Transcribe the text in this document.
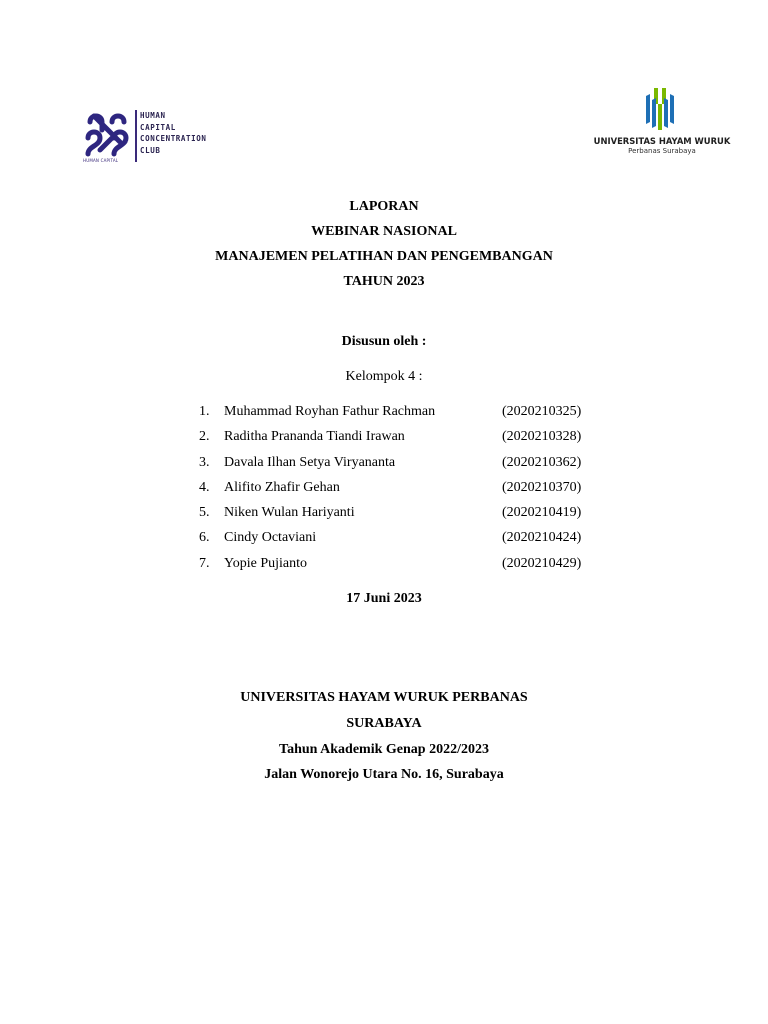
HUMAN
CAPITAL
CONCENTRATION
CLUB
HUMAN CAPITAL
UNIVERSITAS HAYAM WURUK
Perbanas Surabaya
LAPORAN
WEBINAR NASIONAL
MANAJEMEN PELATIHAN DAN PENGEMBANGAN
TAHUN 2023
Disusun oleh :
Kelompok 4 :
1. Muhammad Royhan Fathur Rachman	(2020210325)
2. Raditha Prananda Tiandi Irawan	(2020210328)
3. Davala Ilhan Setya Viryananta	(2020210362)
4. Alifito Zhafir Gehan	(2020210370)
5. Niken Wulan Hariyanti	(2020210419)
6. Cindy Octaviani	(2020210424)
7. Yopie Pujianto	(2020210429)
17 Juni 2023
UNIVERSITAS HAYAM WURUK PERBANAS
SURABAYA
Tahun Akademik Genap 2022/2023
Jalan Wonorejo Utara No. 16, Surabaya
